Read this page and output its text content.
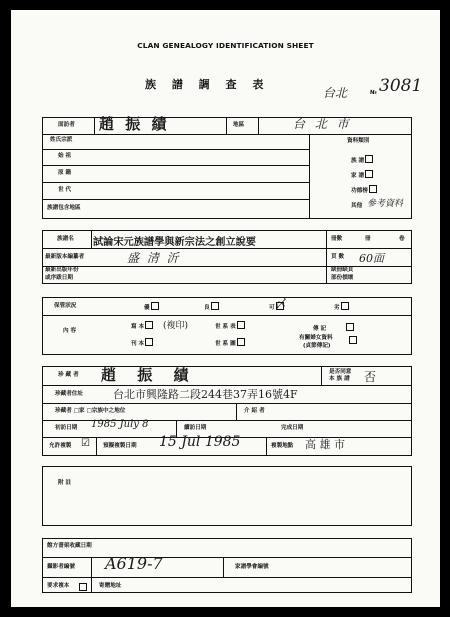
CLAN GENEALOGY IDENTIFICATION SHEET
族 譜 調 查 表
台北	№ 3081
面訪者 趙 振 績	地區	台 北 市
姓氏宗派
始 祖
原 籍
世 代
族譜包含地區
資料類別
族 譜
家 譜
功德榜
其他 參考資料
族譜名 試論宋元族譜學與新宗法之創立說要	冊數	冊	卷
最新版本編纂者	盛 清 沂	頁 數 60面
最新出版年份
或序跋日期
缺冊缺頁
部份損壞
保管狀況	優	良	可 〆	劣
內 容
寫 本	(複印)
刊 本
世 系 表
世 系 圖
傳 記
有關婦女資料
(貞節傳記)
珍 藏 者 趙 振 績	是否同意
本 族 譜 否
珍藏者住址	台北市興隆路二段244巷37弄16號4F
珍藏者 □家 □宗族中之地位	介 紹 者
初訪日期 1985 July 8	續訪日期	完成日期
允許複製 ☑ 預擬複製日期 15 Jul 1985	複製地點 高 雄 市
附 註
館方書架收藏日期
攝影者編號 A619-7	家譜學會編號
要求複本	寄贈地址
